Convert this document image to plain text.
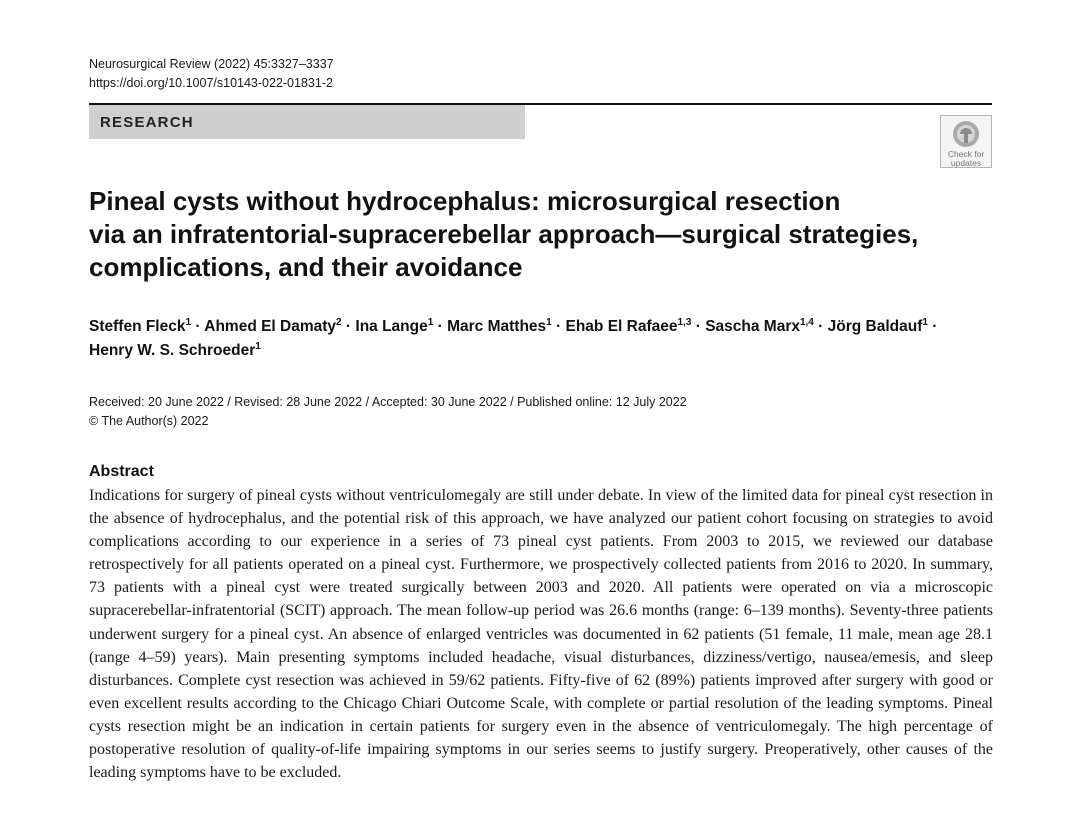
Neurosurgical Review (2022) 45:3327–3337
https://doi.org/10.1007/s10143-022-01831-2
RESEARCH
Check for
updates
Pineal cysts without hydrocephalus: microsurgical resection
via an infratentorial-supracerebellar approach—surgical strategies,
complications, and their avoidance
Steffen Fleck$^1$ · Ahmed El Damaty$^2$ · Ina Lange$^1$ · Marc Matthes$^1$ · Ehab El Rafaee$^{1,3}$ · Sascha Marx$^{1,4}$ · Jörg Baldauf$^1$ ·
Henry W. S. Schroeder$^1$
Received: 20 June 2022 / Revised: 28 June 2022 / Accepted: 30 June 2022 / Published online: 12 July 2022
© The Author(s) 2022
Abstract

Indications for surgery of pineal cysts without ventriculomegaly are still under debate. In view of the limited data for pineal cyst resection in the absence of hydrocephalus, and the potential risk of this approach, we have analyzed our patient cohort focusing on strategies to avoid complications according to our experience in a series of 73 pineal cyst patients. From 2003 to 2015, we reviewed our database retrospectively for all patients operated on a pineal cyst. Furthermore, we prospectively collected patients from 2016 to 2020. In summary, 73 patients with a pineal cyst were treated surgically between 2003 and 2020. All patients were operated on via a microscopic supracerebellar-infratentorial (SCIT) approach. The mean follow-up period was 26.6 months (range: 6–139 months). Seventy-three patients underwent surgery for a pineal cyst. An absence of enlarged ventricles was documented in 62 patients (51 female, 11 male, mean age 28.1 (range 4–59) years). Main presenting symptoms included headache, visual disturbances, dizziness/vertigo, nausea/emesis, and sleep disturbances. Complete cyst resection was achieved in 59/62 patients. Fifty-five of 62 (89%) patients improved after surgery with good or even excellent results according to the Chicago Chiari Outcome Scale, with complete or partial resolution of the leading symptoms. Pineal cysts resection might be an indication in certain patients for surgery even in the absence of ventriculomegaly. The high percentage of postoperative resolution of quality-of-life impairing symptoms in our series seems to justify surgery. Preoperatively, other causes of the leading symptoms have to be excluded.
